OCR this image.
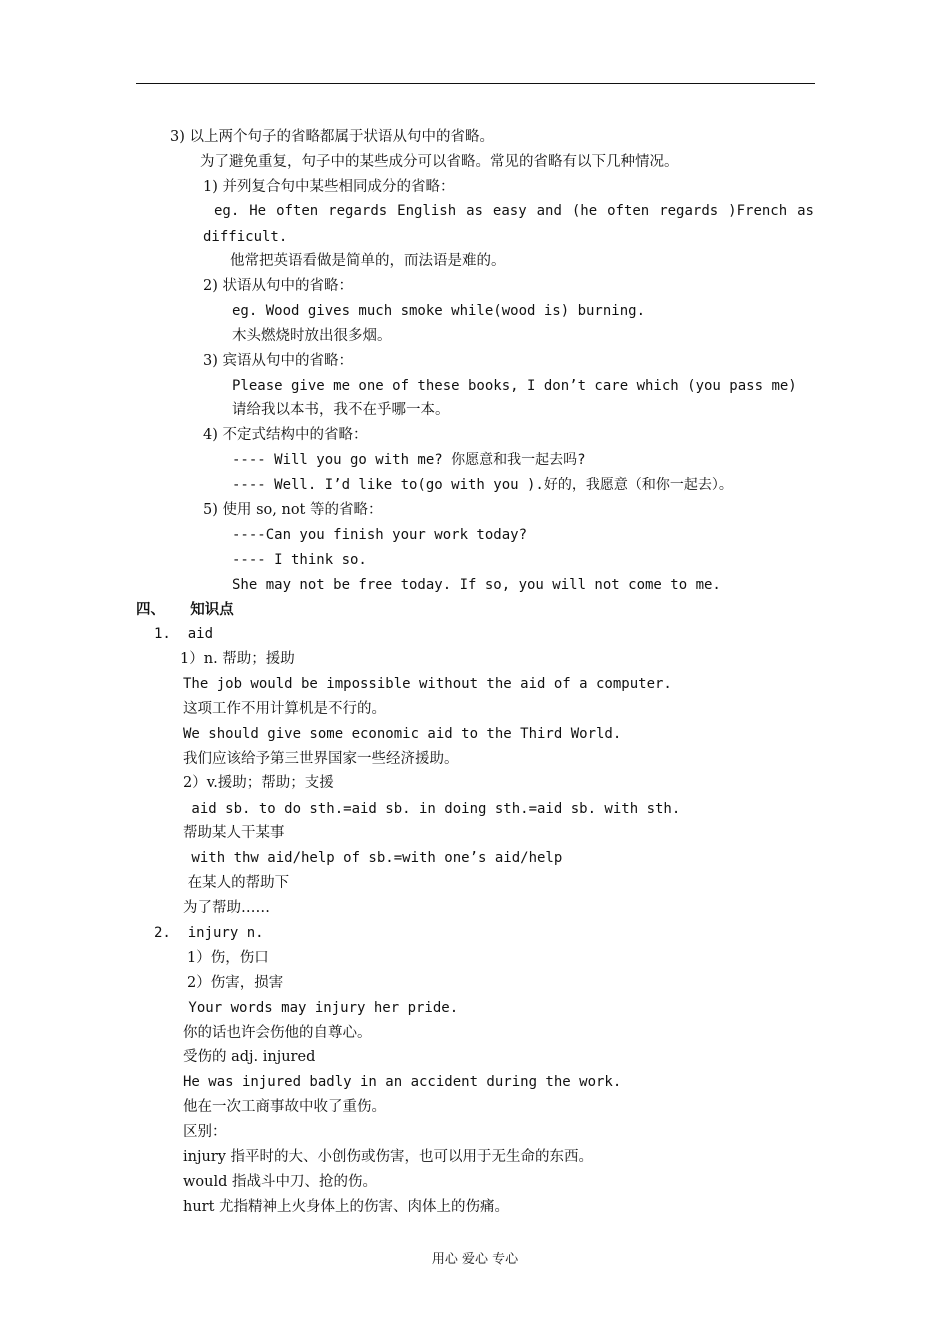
3) 以上两个句子的省略都属于状语从句中的省略。
为了避免重复，句子中的某些成分可以省略。常见的省略有以下几种情况。
1) 并列复合句中某些相同成分的省略：
eg. He often regards English as easy and (he often regards )French as
difficult.
他常把英语看做是简单的，而法语是难的。
2) 状语从句中的省略：
eg. Wood gives much smoke while(wood is) burning.
木头燃烧时放出很多烟。
3) 宾语从句中的省略：
Please give me one of these books, I don’t care which (you pass me)
请给我以本书，我不在乎哪一本。
4) 不定式结构中的省略：
---- Will you go with me? 你愿意和我一起去吗?
---- Well. I’d like to(go with you ).好的，我愿意（和你一起去）。
5) 使用 so, not 等的省略：
----Can you finish your work today?
---- I think so.
She may not be free today. If so, you will not come to me.
四、     知识点
1.  aid
1）n. 帮助；援助
The job would be impossible without the aid of a computer.
这项工作不用计算机是不行的。
We should give some economic aid to the Third World.
我们应该给予第三世界国家一些经济援助。
2）v.援助；帮助；支援
aid sb. to do sth.=aid sb. in doing sth.=aid sb. with sth.
帮助某人干某事
with thw aid/help of sb.=with one’s aid/help
在某人的帮助下
为了帮助……
2.  injury n.
1）伤，伤口
2）伤害，损害
Your words may injury her pride.
你的话也许会伤他的自尊心。
受伤的 adj. injured
He was injured badly in an accident during the work.
他在一次工商事故中收了重伤。
区别：
injury 指平时的大、小创伤或伤害，也可以用于无生命的东西。
would 指战斗中刀、抢的伤。
hurt 尤指精神上火身体上的伤害、肉体上的伤痛。
用心 爱心 专心
